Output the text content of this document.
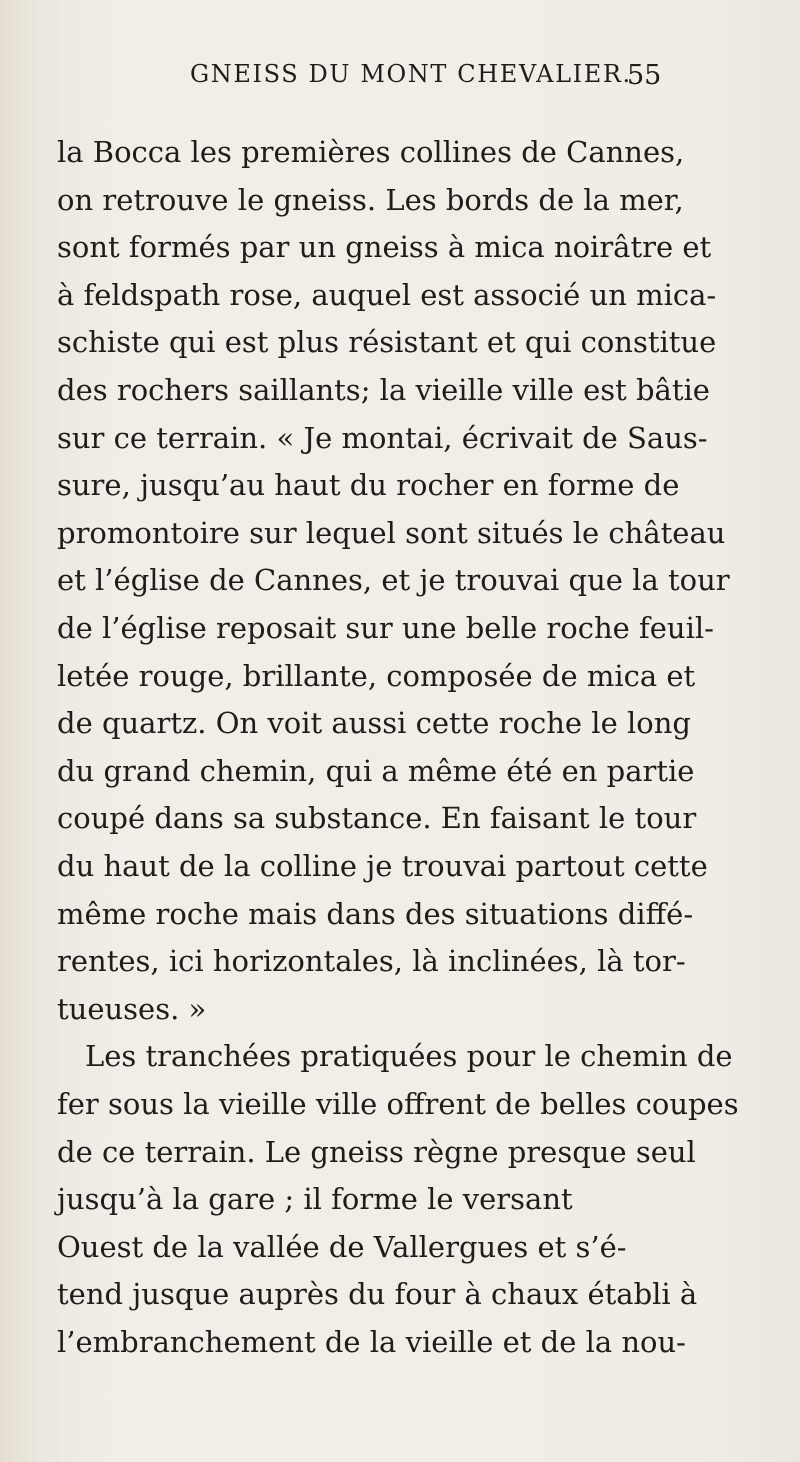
GNEISS DU MONT CHEVALIER.
55
la Bocca les premières collines de Cannes,
on retrouve le gneiss. Les bords de la mer,
sont formés par un gneiss à mica noirâtre et
à feldspath rose, auquel est associé un mica-
schiste qui est plus résistant et qui constitue
des rochers saillants; la vieille ville est bâtie
sur ce terrain. « Je montai, écrivait de Saus-
sure, jusqu’au haut du rocher en forme de
promontoire sur lequel sont situés le château
et l’église de Cannes, et je trouvai que la tour
de l’église reposait sur une belle roche feuil-
letée rouge, brillante, composée de mica et
de quartz. On voit aussi cette roche le long
du grand chemin, qui a même été en partie
coupé dans sa substance. En faisant le tour
du haut de la colline je trouvai partout cette
même roche mais dans des situations diffé-
rentes, ici horizontales, là inclinées, là tor-
tueuses. »
Les tranchées pratiquées pour le chemin de
fer sous la vieille ville offrent de belles coupes
de ce terrain. Le gneiss règne presque seul
jusqu’à la gare ; il forme le versant
Ouest de la vallée de Vallergues et s’é-
tend jusque auprès du four à chaux établi à
l’embranchement de la vieille et de la nou-
